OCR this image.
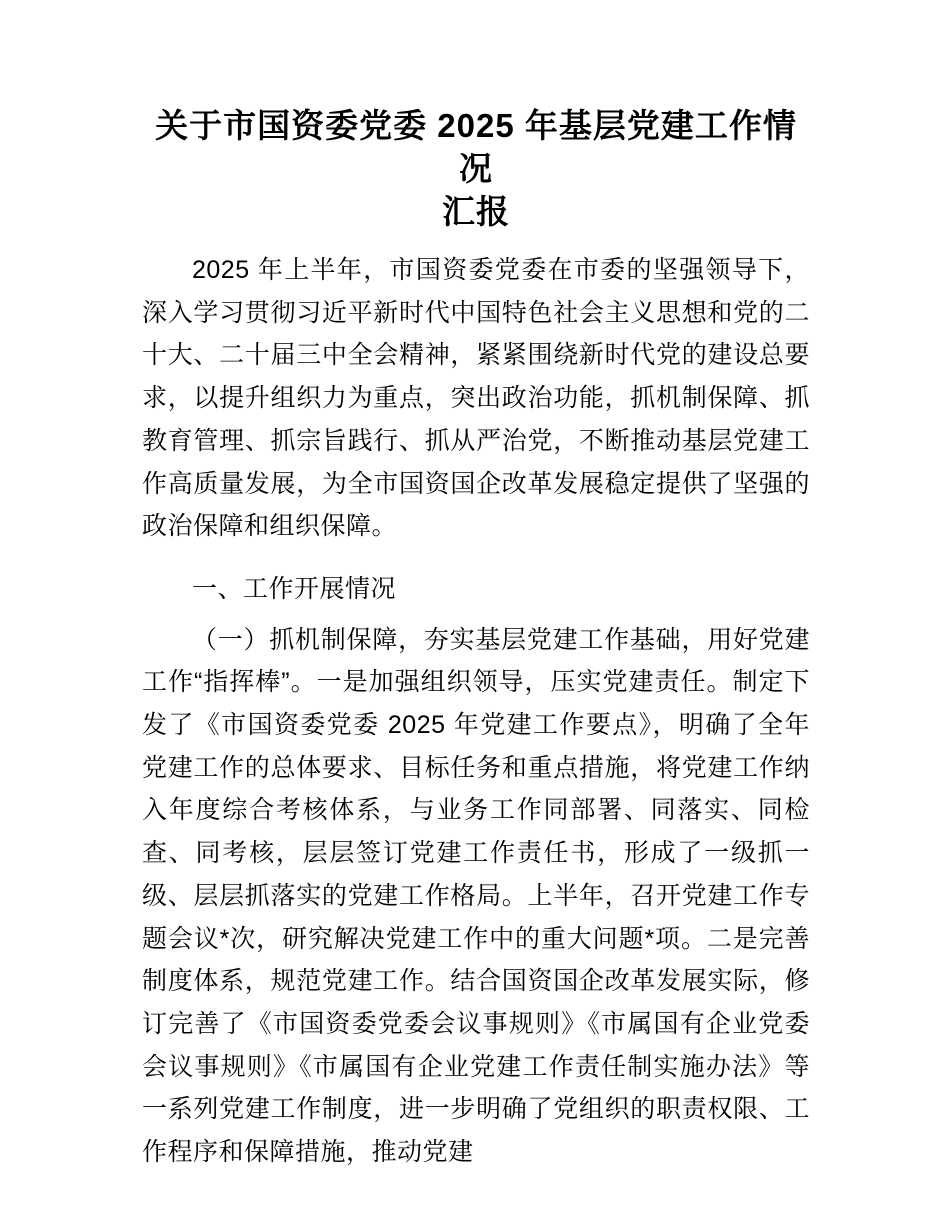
关于市国资委党委 2025 年基层党建工作情况
汇报

2025 年上半年，市国资委党委在市委的坚强领导下，深入学习贯彻习近平新时代中国特色社会主义思想和党的二十大、二十届三中全会精神，紧紧围绕新时代党的建设总要求，以提升组织力为重点，突出政治功能，抓机制保障、抓教育管理、抓宗旨践行、抓从严治党，不断推动基层党建工作高质量发展，为全市国资国企改革发展稳定提供了坚强的政治保障和组织保障。

一、工作开展情况

（一）抓机制保障，夯实基层党建工作基础，用好党建工作“指挥棒”。一是加强组织领导，压实党建责任。制定下发了《市国资委党委 2025 年党建工作要点》，明确了全年党建工作的总体要求、目标任务和重点措施，将党建工作纳入年度综合考核体系，与业务工作同部署、同落实、同检查、同考核，层层签订党建工作责任书，形成了一级抓一级、层层抓落实的党建工作格局。上半年，召开党建工作专题会议*次，研究解决党建工作中的重大问题*项。二是完善制度体系，规范党建工作。结合国资国企改革发展实际，修订完善了《市国资委党委会议事规则》《市属国有企业党委会议事规则》《市属国有企业党建工作责任制实施办法》等一系列党建工作制度，进一步明确了党组织的职责权限、工作程序和保障措施，推动党建
